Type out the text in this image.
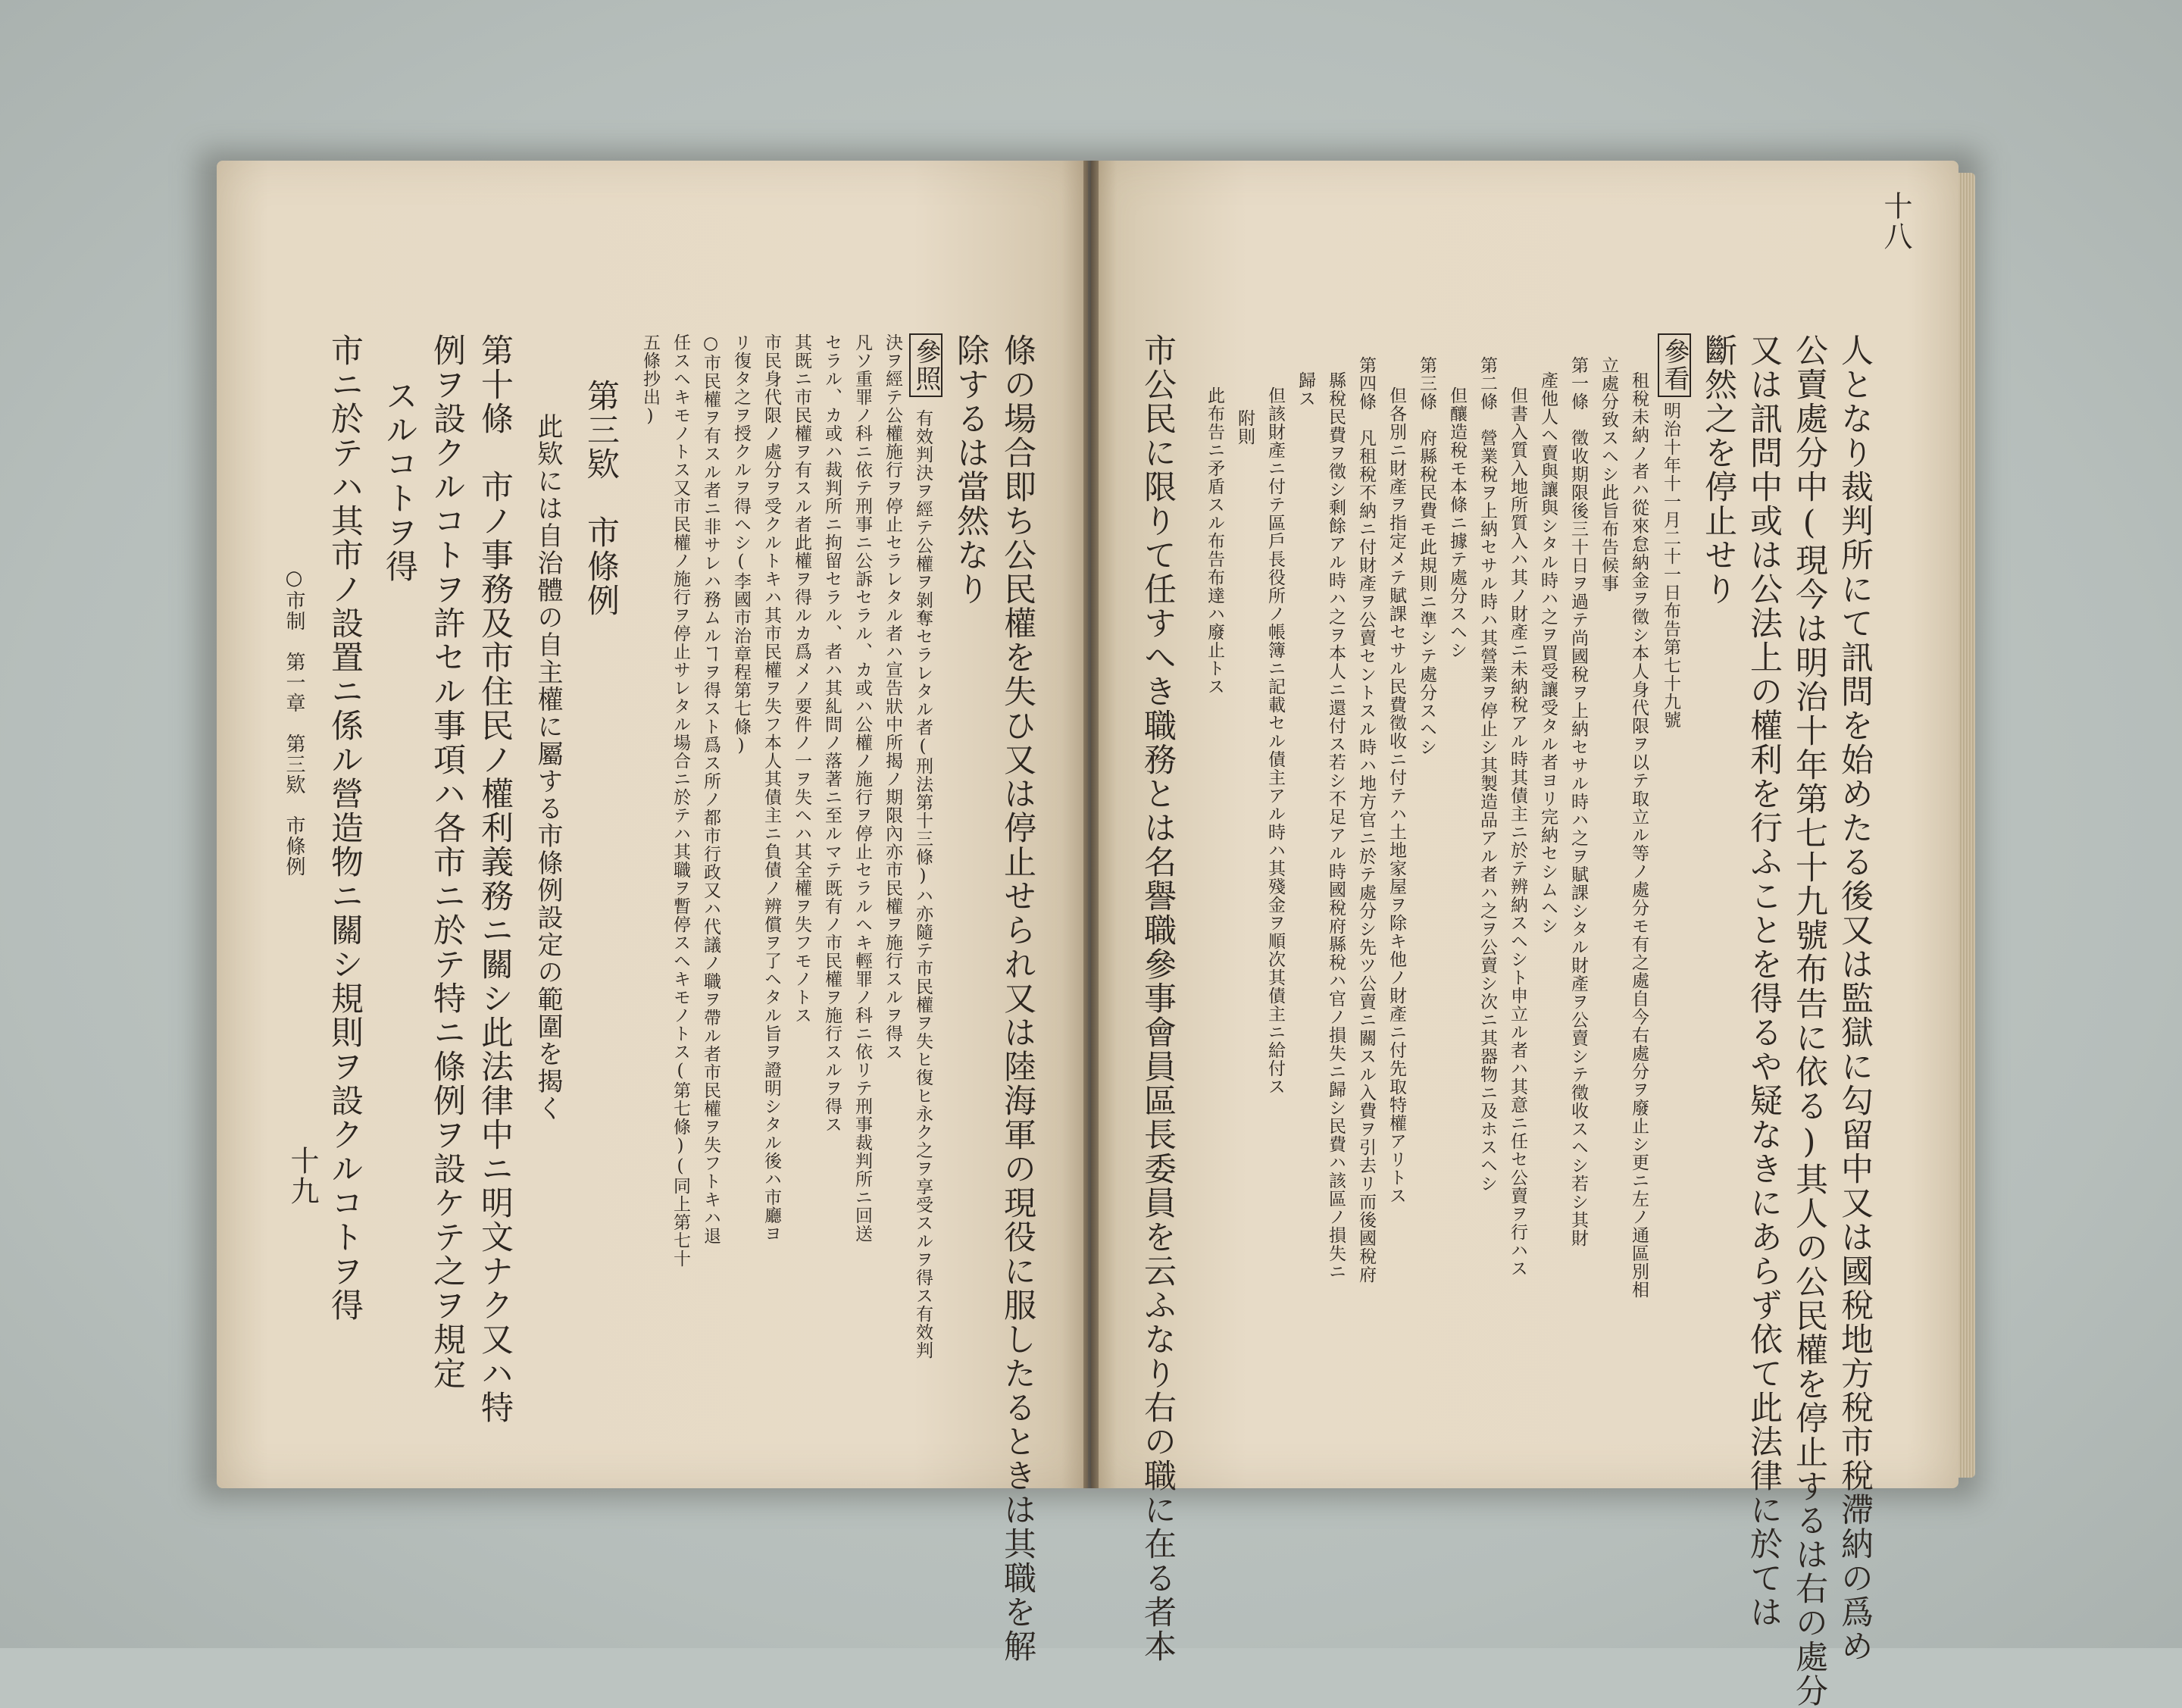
十八
人となり裁判所にて訊問を始めたる後又は監獄に勾留中又は國稅地方稅市稅滯納の爲め
公賣處分中(現今は明治十年第七十九號布告に依る)其人の公民權を停止するは右の處分
又は訊問中或は公法上の權利を行ふことを得るや疑なきにあらず依て此法律に於ては
斷然之を停止せり
參看
明治十年十一月二十一日布告第七十九號
租稅未納ノ者ハ從來怠納金ヲ徵シ本人身代限ヲ以テ取立ル等ノ處分モ有之處自今右處分ヲ廢止シ更ニ左ノ通區別相
立處分致スヘシ此旨布告候事
第一條　徵收期限後三十日ヲ過テ尚國稅ヲ上納セサル時ハ之ヲ賦課シタル財產ヲ公賣シテ徵收スヘシ若シ其財
產他人ヘ賣與讓與シタル時ハ之ヲ買受讓受タル者ヨリ完納セシムヘシ
但書入質入地所質入ハ其ノ財產ニ未納稅アル時其債主ニ於テ辨納スヘシト申立ル者ハ其意ニ任セ公賣ヲ行ハス
第二條　營業稅ヲ上納セサル時ハ其營業ヲ停止シ其製造品アル者ハ之ヲ公賣シ次ニ其器物ニ及ホスヘシ
但釀造稅モ本條ニ據テ處分スヘシ
第三條　府縣稅民費モ此規則ニ準シテ處分スヘシ
但各別ニ財產ヲ指定メテ賦課セサル民費徵收ニ付テハ土地家屋ヲ除キ他ノ財產ニ付先取特權アリトス
第四條　凡租稅不納ニ付財產ヲ公賣セントスル時ハ地方官ニ於テ處分シ先ツ公賣ニ關スル入費ヲ引去リ而後國稅府
縣稅民費ヲ徵シ剩餘アル時ハ之ヲ本人ニ還付ス若シ不足アル時國稅府縣稅ハ官ノ損失ニ歸シ民費ハ該區ノ損失ニ
歸ス
但該財產ニ付テ區戶長役所ノ帳簿ニ記載セル債主アル時ハ其殘金ヲ順次其債主ニ給付ス
附則
此布告ニ矛盾スル布告布達ハ廢止トス
市公民に限りて任すへき職務とは名譽職參事會員區長委員を云ふなり右の職に在る者本
條の場合即ち公民權を失ひ又は停止せられ又は陸海軍の現役に服したるときは其職を解
除するは當然なり
參照
有效判決ヲ經テ公權ヲ剝奪セラレタル者(刑法第十三條)ハ亦隨テ市民權ヲ失ヒ復ヒ永ク之ヲ享受スルヲ得ス有效判
決ヲ經テ公權施行ヲ停止セラレタル者ハ宣告狀中所揭ノ期限內亦市民權ヲ施行スルヲ得ス
凡ソ重罪ノ科ニ依テ刑事ニ公訴セラル、カ或ハ公權ノ施行ヲ停止セラルヘキ輕罪ノ科ニ依リテ刑事裁判所ニ回送
セラル、カ或ハ裁判所ニ拘留セラル、者ハ其糺問ノ落著ニ至ルマテ既有ノ市民權ヲ施行スルヲ得ス
其既ニ市民權ヲ有スル者此權ヲ得ルカ爲メノ要件ノ一ヲ失ヘハ其全權ヲ失フモノトス
市民身代限ノ處分ヲ受クルトキハ其市民權ヲ失フ本人其債主ニ負債ノ辨償ヲ了ヘタル旨ヲ證明シタル後ハ市廳ヨ
リ復タ之ヲ授クルヲ得ヘシ(李國市治章程第七條)
○市民權ヲ有スル者ニ非サレハ務ムルヿヲ得スト爲ス所ノ都市行政又ハ代議ノ職ヲ帶ル者市民權ヲ失フトキハ退
任スヘキモノトス又市民權ノ施行ヲ停止サレタル場合ニ於テハ其職ヲ暫停スヘキモノトス(第七條)(同上第七十
五條抄出)
第三欵　市條例
此欵には自治體の自主權に屬する市條例設定の範圍を揭く
第十條　市ノ事務及市住民ノ權利義務ニ關シ此法律中ニ明文ナク又ハ特
例ヲ設クルコトヲ許セル事項ハ各市ニ於テ特ニ條例ヲ設ケテ之ヲ規定
スルコトヲ得
市ニ於テハ其市ノ設置ニ係ル營造物ニ關シ規則ヲ設クルコトヲ得
○市制　第一章　第三欵　市條例
十九
